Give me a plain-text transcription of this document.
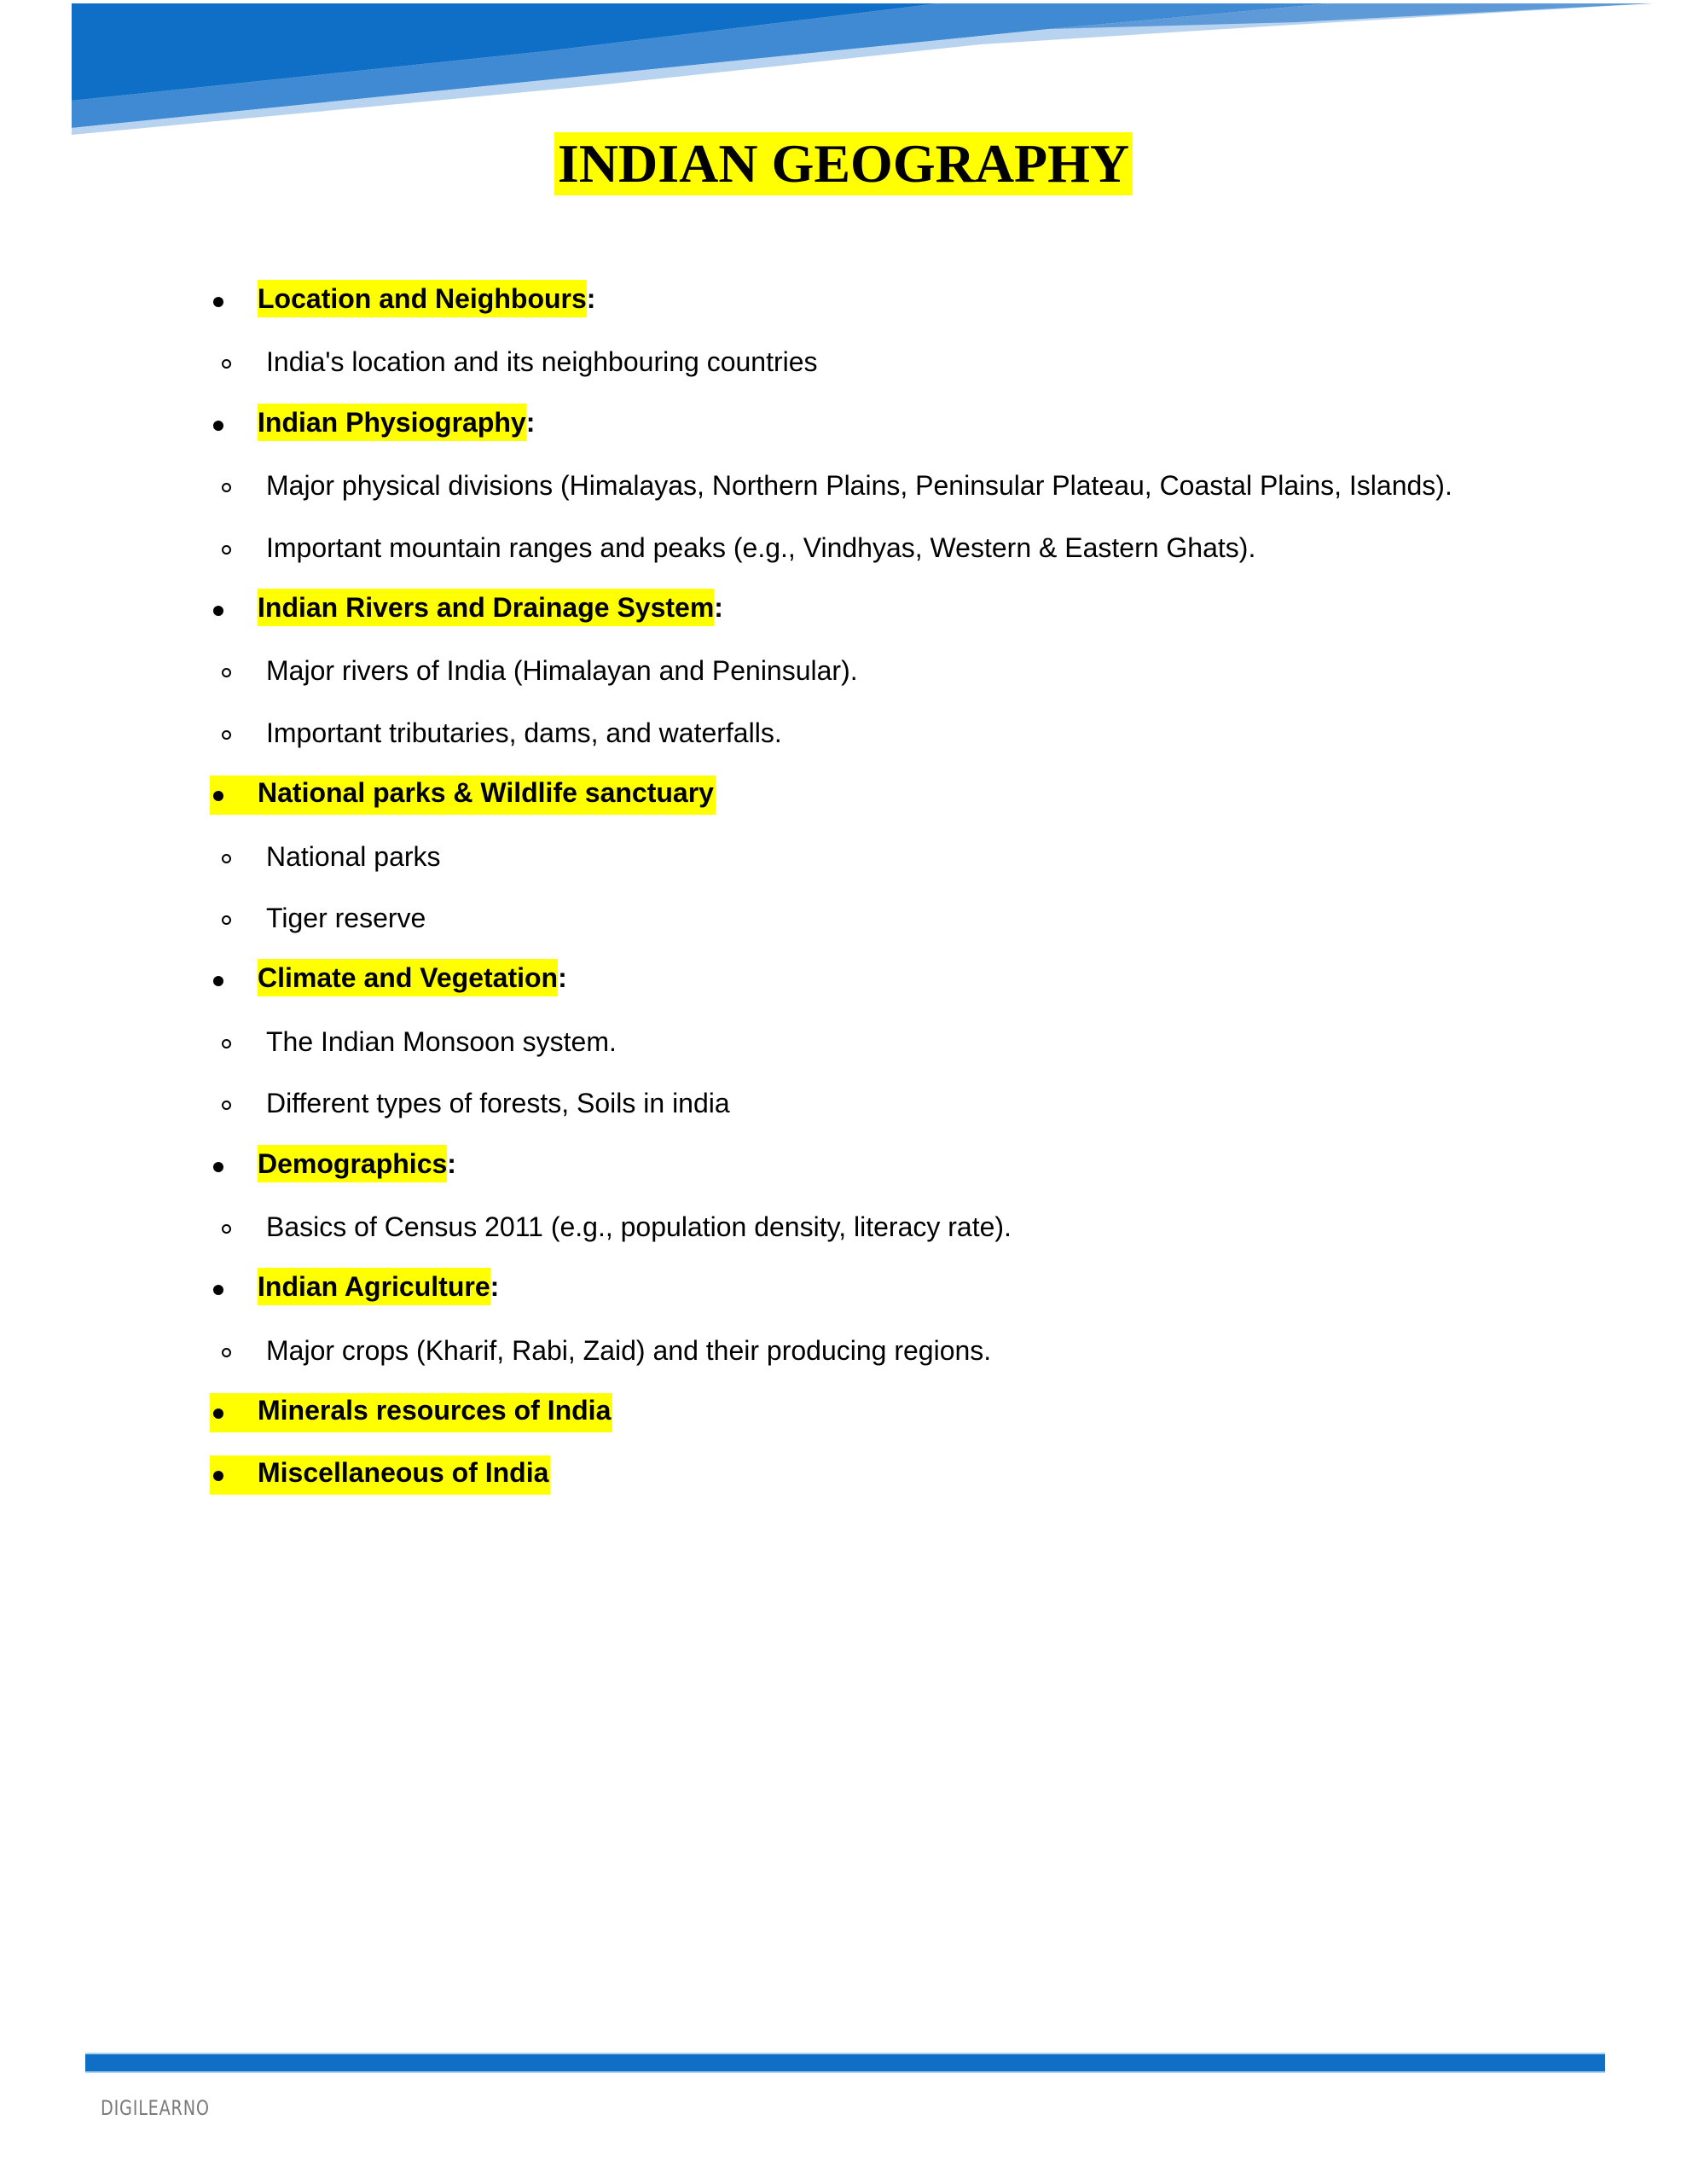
INDIAN GEOGRAPHY
Location and Neighbours:
India's location and its neighbouring countries
Indian Physiography:
Major physical divisions (Himalayas, Northern Plains, Peninsular Plateau, Coastal Plains, Islands).
Important mountain ranges and peaks (e.g., Vindhyas, Western & Eastern Ghats).
Indian Rivers and Drainage System:
Major rivers of India (Himalayan and Peninsular).
Important tributaries, dams, and waterfalls.
National parks & Wildlife sanctuary
National parks
Tiger reserve
Climate and Vegetation:
The Indian Monsoon system.
Different types of forests, Soils in india
Demographics:
Basics of Census 2011 (e.g., population density, literacy rate).
Indian Agriculture:
Major crops (Kharif, Rabi, Zaid) and their producing regions.
Minerals resources of India
Miscellaneous of India
DIGILEARNO
